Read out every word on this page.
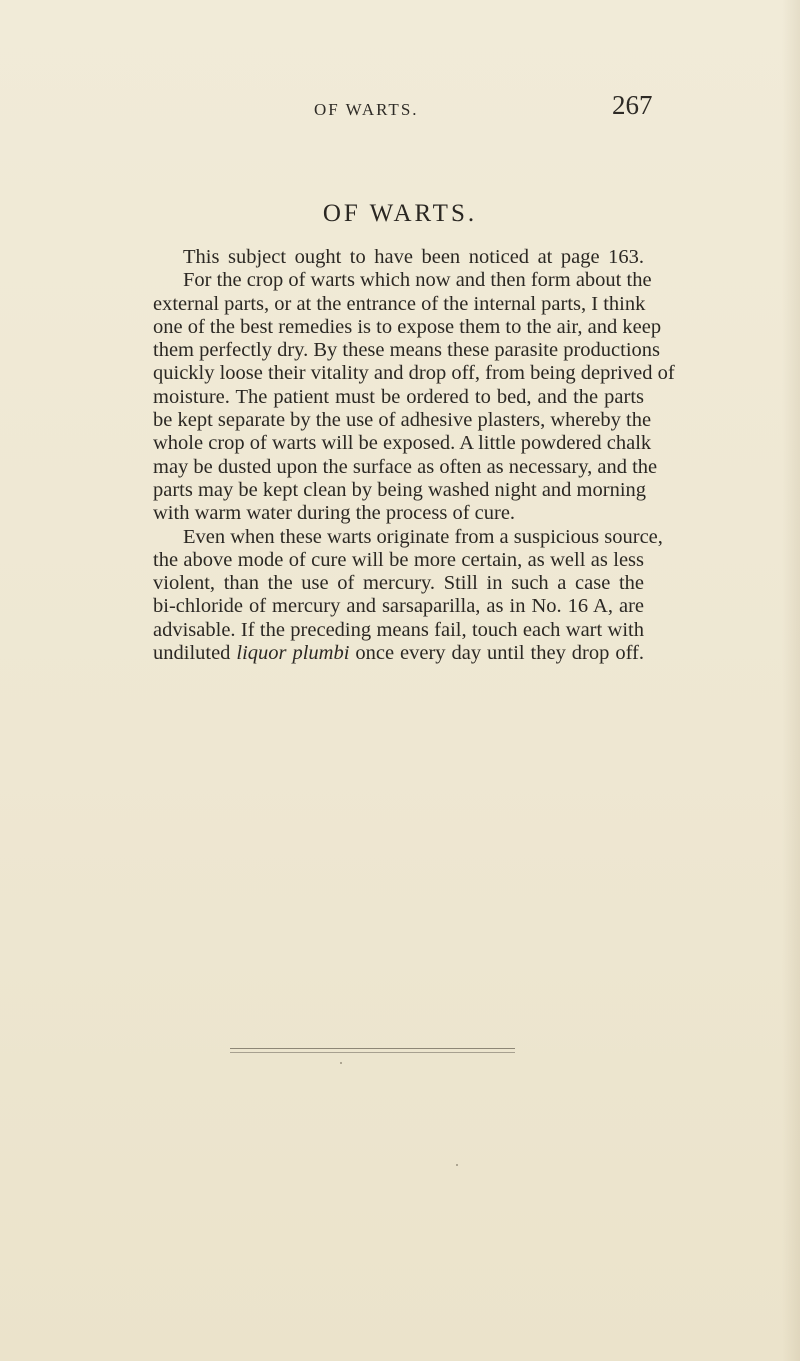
OF WARTS.	267
OF WARTS.
This subject ought to have been noticed at page 163.
For the crop of warts which now and then form about the
external parts, or at the entrance of the internal parts, I think
one of the best remedies is to expose them to the air, and keep
them perfectly dry. By these means these parasite productions
quickly loose their vitality and drop off, from being deprived of
moisture. The patient must be ordered to bed, and the parts
be kept separate by the use of adhesive plasters, whereby the
whole crop of warts will be exposed. A little powdered chalk
may be dusted upon the surface as often as necessary, and the
parts may be kept clean by being washed night and morning
with warm water during the process of cure.
Even when these warts originate from a suspicious source,
the above mode of cure will be more certain, as well as less
violent, than the use of mercury. Still in such a case the
bi-chloride of mercury and sarsaparilla, as in No. 16 A, are
advisable. If the preceding means fail, touch each wart with
undiluted liquor plumbi once every day until they drop off.
